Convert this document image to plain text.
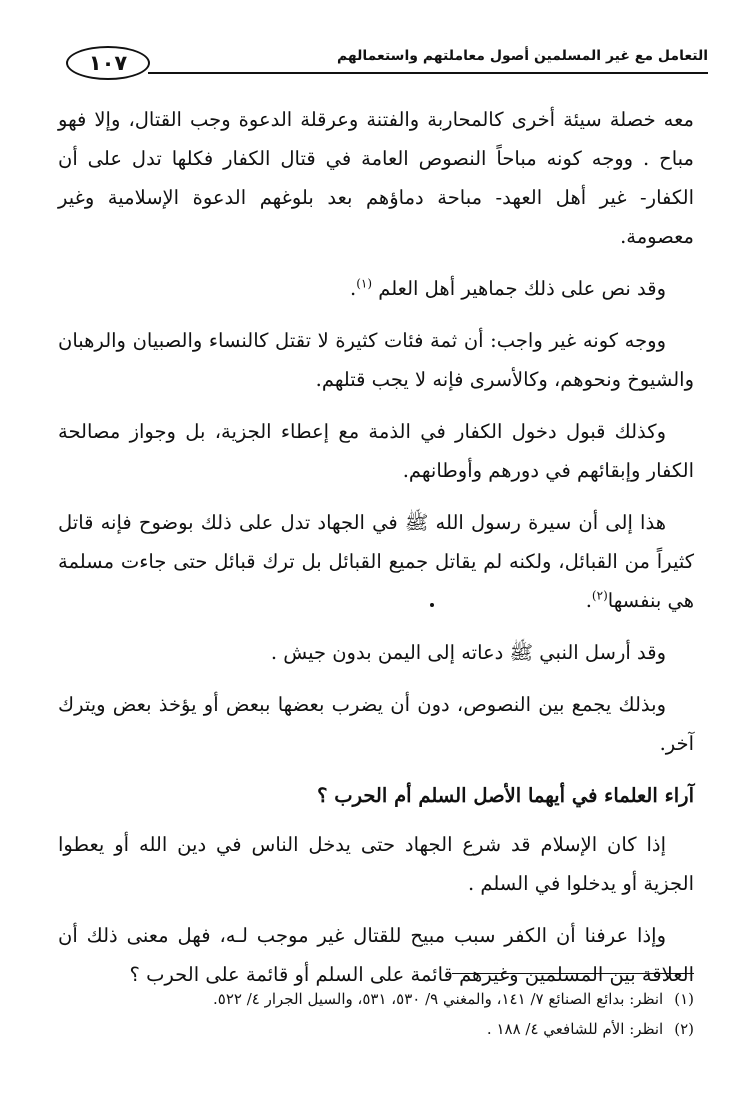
١٠٧	التعامل مع غير المسلمين أصول معاملتهم واستعمالهم

معه خصلة سيئة أخرى كالمحاربة والفتنة وعرقلة الدعوة وجب القتال، وإلا فهو مباح . ووجه كونه مباحاً النصوص العامة في قتال الكفار فكلها تدل على أن الكفار- غير أهل العهد- مباحة دماؤهم بعد بلوغهم الدعوة الإسلامية وغير معصومة.

وقد نص على ذلك جماهير أهل العلم $^{(١)}$.

ووجه كونه غير واجب: أن ثمة فئات كثيرة لا تقتل كالنساء والصبيان والرهبان والشيوخ ونحوهم، وكالأسرى فإنه لا يجب قتلهم.

وكذلك قبول دخول الكفار في الذمة مع إعطاء الجزية، بل وجواز مصالحة الكفار وإبقائهم في دورهم وأوطانهم.

هذا إلى أن سيرة رسول الله ﷺ في الجهاد تدل على ذلك بوضوح فإنه قاتل كثيراً من القبائل، ولكنه لم يقاتل جميع القبائل بل ترك قبائل حتى جاءت مسلمة هي بنفسها$^{(٢)}$.

وقد أرسل النبي ﷺ دعاته إلى اليمن بدون جيش .

وبذلك يجمع بين النصوص، دون أن يضرب بعضها ببعض أو يؤخذ بعض ويترك آخر.

آراء العلماء في أيهما الأصل السلم أم الحرب ؟

إذا كان الإسلام قد شرع الجهاد حتى يدخل الناس في دين الله أو يعطوا الجزية أو يدخلوا في السلم .

وإذا عرفنا أن الكفر سبب مبيح للقتال غير موجب لـه، فهل معنى ذلك أن العلاقة بين المسلمين وغيرهم قائمة على السلم أو قائمة على الحرب ؟

(١) انظر: بدائع الصنائع ٧/ ١٤١، والمغني ٩/ ٥٣٠، ٥٣١، والسيل الجرار ٤/ ٥٢٢.
(٢) انظر: الأم للشافعي ٤/ ١٨٨ .
